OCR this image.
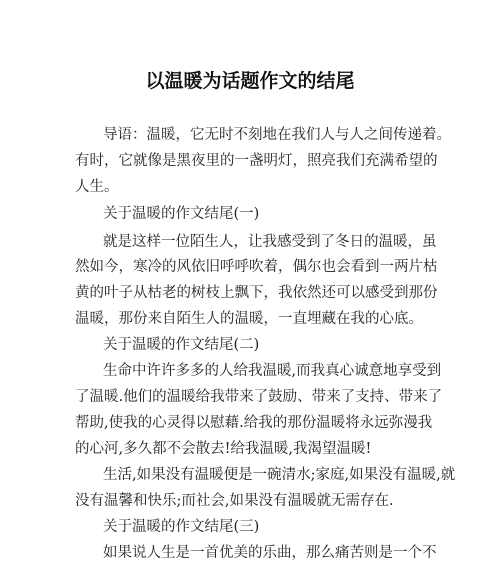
以温暖为话题作文的结尾
导语：温暖，它无时不刻地在我们人与人之间传递着。
有时，它就像是黑夜里的一盏明灯，照亮我们充满希望的
人生。
关于温暖的作文结尾(一)
就是这样一位陌生人，让我感受到了冬日的温暖，虽
然如今，寒冷的风依旧呼呼吹着，偶尔也会看到一两片枯
黄的叶子从枯老的树枝上飘下，我依然还可以感受到那份
温暖，那份来自陌生人的温暖，一直埋藏在我的心底。
关于温暖的作文结尾(二)
生命中许许多多的人给我温暖,而我真心诚意地享受到
了温暖.他们的温暖给我带来了鼓励、带来了支持、带来了
帮助,使我的心灵得以慰藉.给我的那份温暖将永远弥漫我
的心河,多久都不会散去!给我温暖,我渴望温暖!
生活,如果没有温暖便是一碗清水;家庭,如果没有温暖,就
没有温馨和快乐;而社会,如果没有温暖就无需存在.
关于温暖的作文结尾(三)
如果说人生是一首优美的乐曲，那么痛苦则是一个不
